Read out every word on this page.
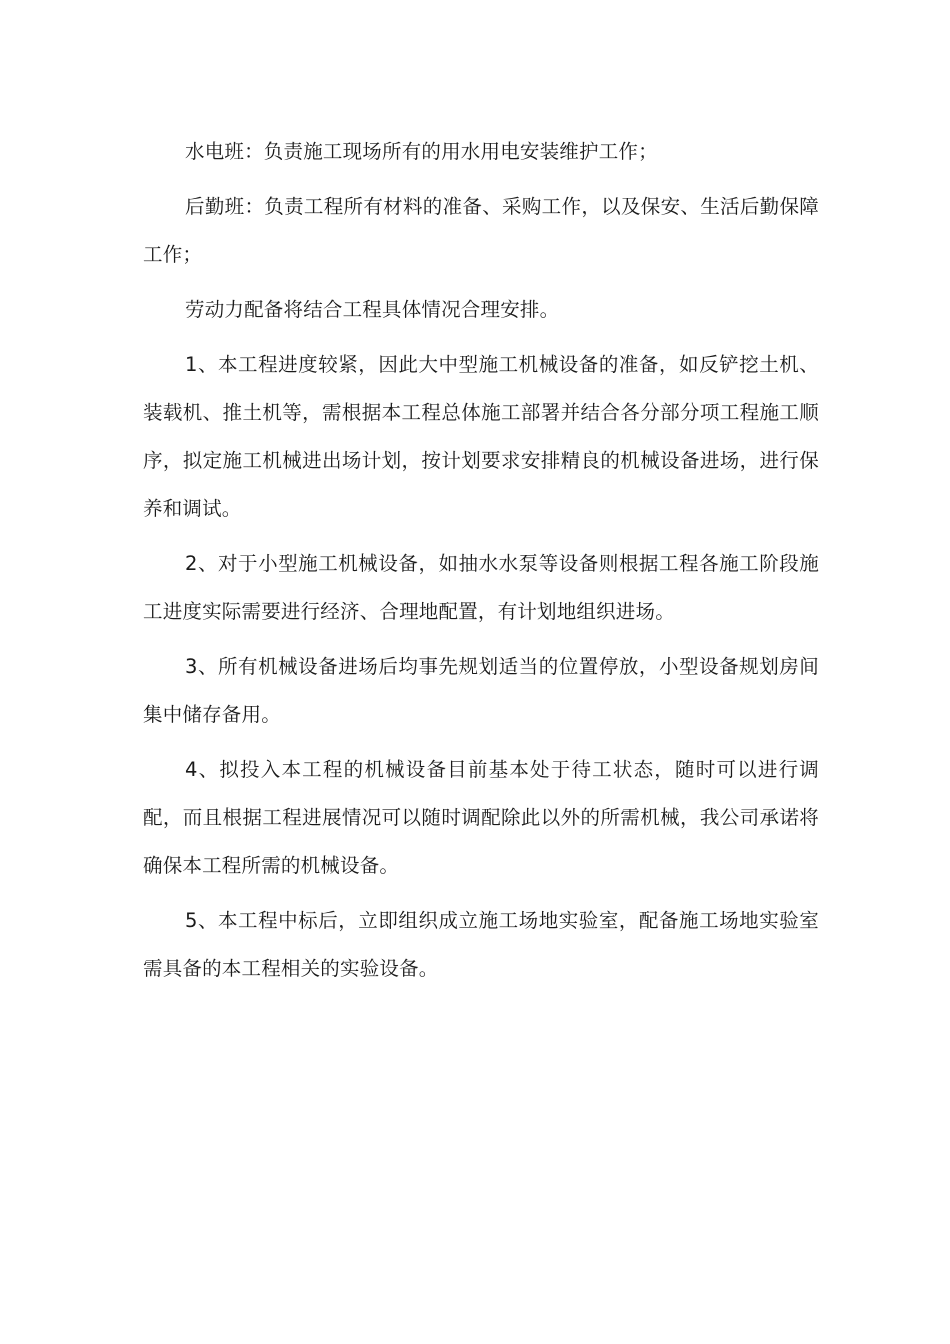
水电班：负责施工现场所有的用水用电安装维护工作；

后勤班：负责工程所有材料的准备、采购工作，以及保安、生活后勤保障工作；

劳动力配备将结合工程具体情况合理安排。

1、本工程进度较紧，因此大中型施工机械设备的准备，如反铲挖土机、装载机、推土机等，需根据本工程总体施工部署并结合各分部分项工程施工顺序，拟定施工机械进出场计划，按计划要求安排精良的机械设备进场，进行保养和调试。

2、对于小型施工机械设备，如抽水水泵等设备则根据工程各施工阶段施工进度实际需要进行经济、合理地配置，有计划地组织进场。

3、所有机械设备进场后均事先规划适当的位置停放，小型设备规划房间集中储存备用。

4、拟投入本工程的机械设备目前基本处于待工状态，随时可以进行调配，而且根据工程进展情况可以随时调配除此以外的所需机械，我公司承诺将确保本工程所需的机械设备。

5、本工程中标后，立即组织成立施工场地实验室，配备施工场地实验室需具备的本工程相关的实验设备。
